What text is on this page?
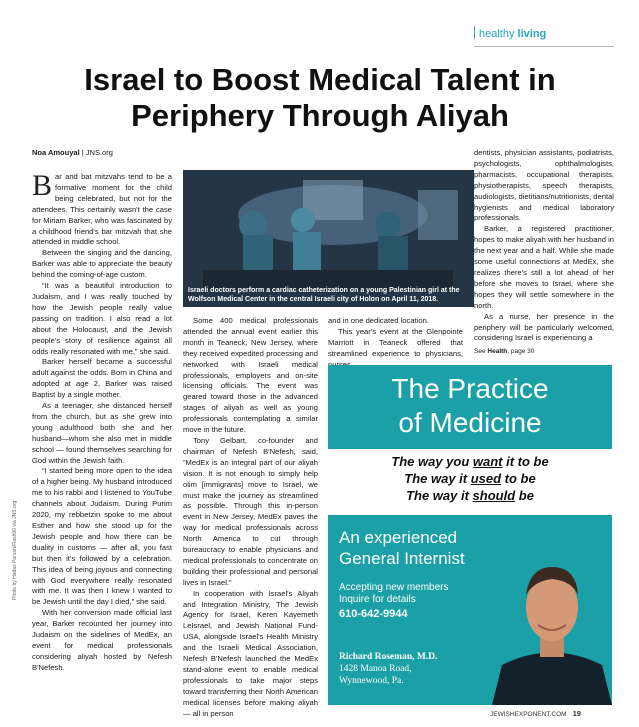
healthy living
Israel to Boost Medical Talent in
Periphery Through Aliyah
Noa Amouyal | JNS.org

Bar and bat mitzvahs tend to be a formative moment for the child being celebrated, but not for the attendees. This certainly wasn't the case for Miriam Barker, who was fascinated by a childhood friend's bar mitzvah that she attended in middle school.

Between the singing and the dancing, Barker was able to appreciate the beauty behind the coming-of-age custom.

“It was a beautiful introduction to Judaism, and I was really touched by how the Jewish people really value passing on tradition. I also read a lot about the Holocaust, and the Jewish people's story of resilience against all odds really resonated with me,” she said.

Barker herself became a successful adult against the odds. Born in China and adopted at age 2, Barker was raised Baptist by a single mother.

As a teenager, she distanced herself from the church, but as she grew into young adulthood both she and her husband—whom she also met in middle school — found themselves searching for God within the Jewish faith.

“I started being more open to the idea of a higher being. My husband introduced me to his rabbi and I listened to YouTube channels about Judaism. During Purim 2020, my rebbetzin spoke to me about Esther and how she stood up for the Jewish people and how there can be duality in customs — after all, you fast but then it's followed by a celebration. This idea of being joyous and connecting with God everywhere really resonated with me. It was then I knew I wanted to be Jewish until the day I died,” she said.

With her conversion made official last year, Barker recounted her journey into Judaism on the sidelines of MedEx, an event for medical professionals considering aliyah hosted by Nefesh B'Nefesh.

Israeli doctors perform a cardiac catheterization on a young Palestinian girl at the Wolfson Medical Center in the central Israeli city of Holon on April 11, 2018.
Photo by Hadas Parush/Flash90 via JNS.org

Some 400 medical professionals attended the annual event earlier this month in Teaneck, New Jersey, where they received expedited processing and networked with Israeli medical professionals, employers and on-site licensing officials. The event was geared toward those in the advanced stages of aliyah as well as young professionals contemplating a similar move in the future.

Tony Gelbart, co-founder and chairman of Nefesh B'Nefesh, said, “MedEx is an integral part of our aliyah vision. It is not enough to simply help olim [immigrants] move to Israel, we must make the journey as streamlined as possible. Through this in-person event in New Jersey, MedEx paves the way for medical professionals across North America to cut through bureaucracy to enable physicians and medical professionals to concentrate on building their professional and personal lives in Israel.”

In cooperation with Israel's Aliyah and Integration Ministry, The Jewish Agency for Israel, Keren Kayemeth LeIsrael, and Jewish National Fund-USA, alongside Israel's Health Ministry and the Israeli Medical Association, Nefesh B'Nefesh launched the MedEx stand-alone event to enable medical professionals to take major steps toward transferring their North American medical licenses before making aliyah — all in person

and in one dedicated location.

This year's event at the Glenpointe Marriott in Teaneck offered that streamlined experience to physicians,

dentists, physician assistants, podiatrists, psychologists, ophthalmologists, pharmacists, occupational therapists, physiotherapists, speech therapists, audiologists, dietitians/nutritionists, dental hygienists and medical laboratory professionals.

Barker, a registered practitioner, hopes to make aliyah with her husband in the next year and a half. While she made some useful connections at MedEx, she realizes there's still a lot ahead of her before she moves to Israel, where she hopes they will settle somewhere in the north.

As a nurse, her presence in the periphery will be particularly welcomed, considering Israel is experiencing a

See Health, page 30
The Practice
of Medicine
The way you want it to be
The way it used to be
The way it should be
An experienced
General Internist
Accepting new members
Inquire for details
610-642-9944
Richard Roseman, M.D.
1428 Manoa Road,
Wynnewood, Pa.
JEWISHEXPONENT.COM 19
